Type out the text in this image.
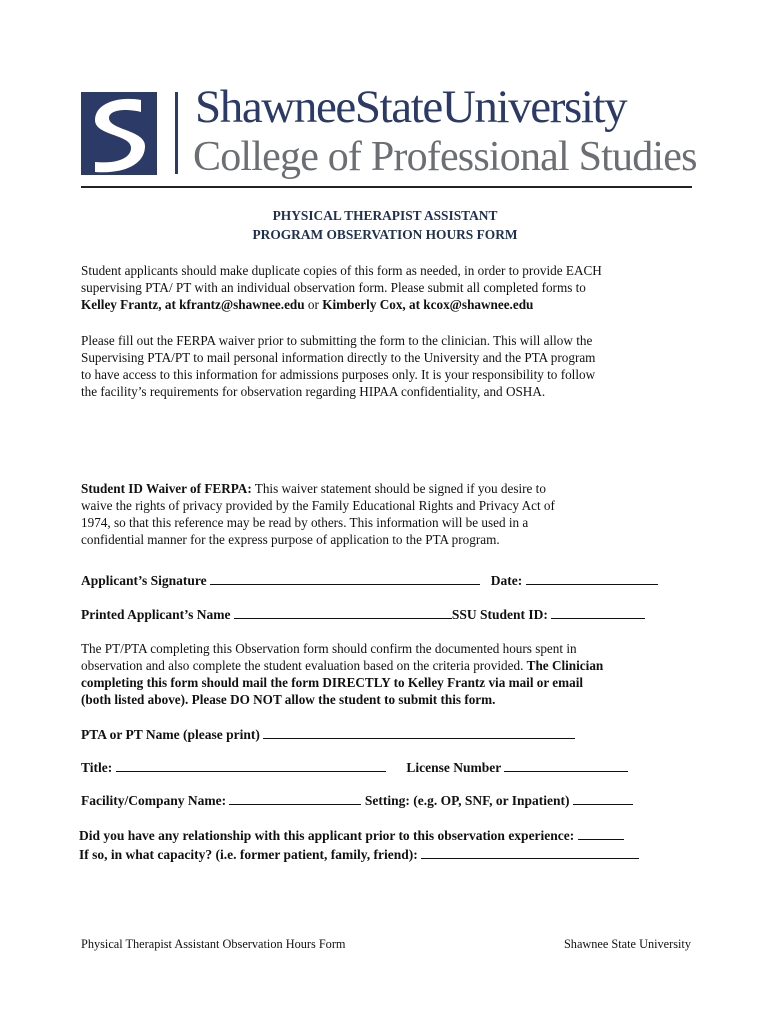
ShawneeStateUniversity
College of Professional Studies
PHYSICAL THERAPIST ASSISTANT
PROGRAM OBSERVATION HOURS FORM
Student applicants should make duplicate copies of this form as needed, in order to provide EACH
supervising PTA/ PT with an individual observation form. Please submit all completed forms to
Kelley Frantz, at kfrantz@shawnee.edu or Kimberly Cox, at kcox@shawnee.edu
Please fill out the FERPA waiver prior to submitting the form to the clinician. This will allow the
Supervising PTA/PT to mail personal information directly to the University and the PTA program
to have access to this information for admissions purposes only. It is your responsibility to follow
the facility’s requirements for observation regarding HIPAA confidentiality, and OSHA.
Student ID Waiver of FERPA: This waiver statement should be signed if you desire to
waive the rights of privacy provided by the Family Educational Rights and Privacy Act of
1974, so that this reference may be read by others. This information will be used in a
confidential manner for the express purpose of application to the PTA program.
Applicant’s Signature	Date:
Printed Applicant’s Name	SSU Student ID:
The PT/PTA completing this Observation form should confirm the documented hours spent in
observation and also complete the student evaluation based on the criteria provided. The Clinician
completing this form should mail the form DIRECTLY to Kelley Frantz via mail or email
(both listed above). Please DO NOT allow the student to submit this form.
PTA or PT Name (please print)
Title:	License Number
Facility/Company Name:	Setting: (e.g. OP, SNF, or Inpatient)
Did you have any relationship with this applicant prior to this observation experience:
If so, in what capacity? (i.e. former patient, family, friend):
Physical Therapist Assistant Observation Hours Form	Shawnee State University
